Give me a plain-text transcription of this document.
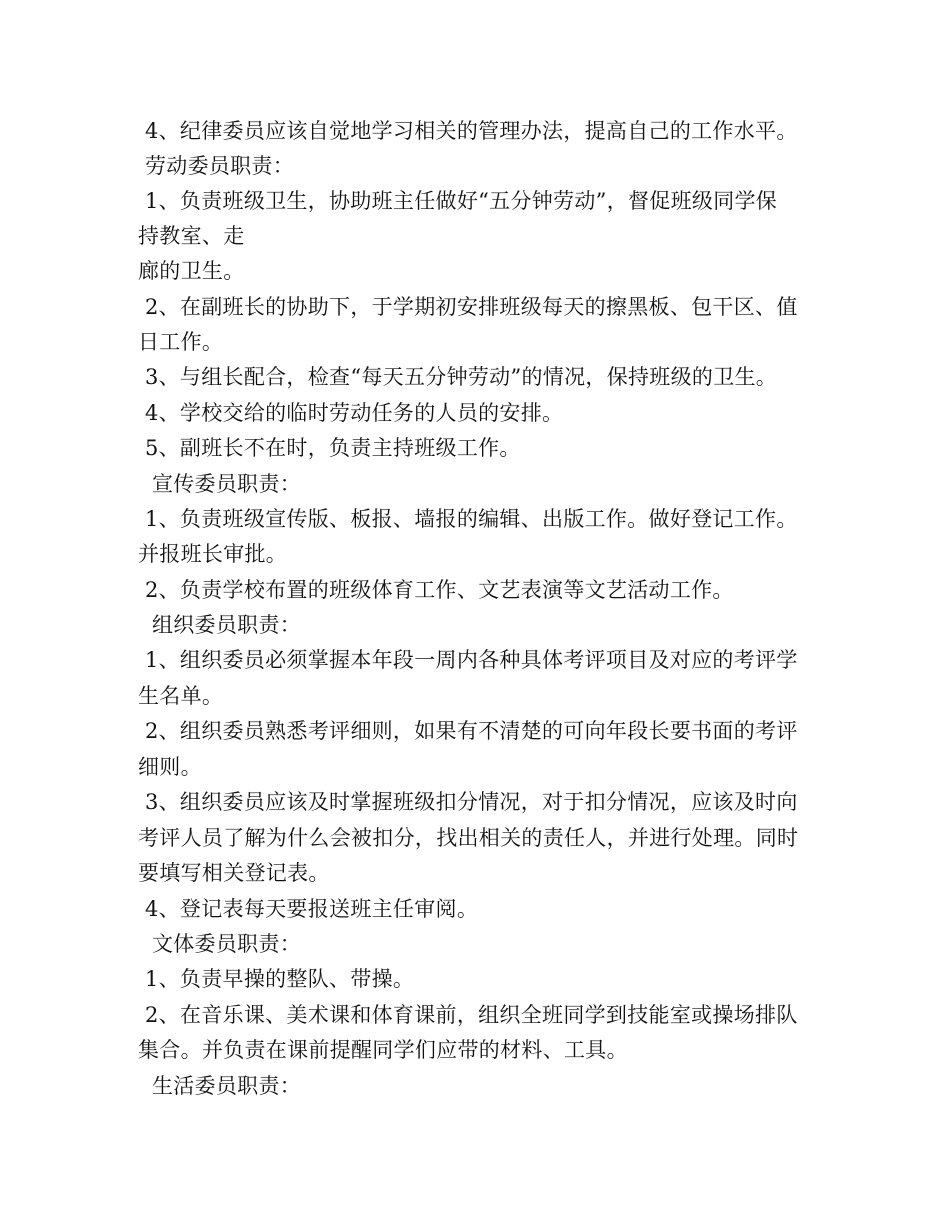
4、纪律委员应该自觉地学习相关的管理办法，提高自己的工作水平。
劳动委员职责：
1、负责班级卫生，协助班主任做好“五分钟劳动”，督促班级同学保
持教室、走
廊的卫生。
2、在副班长的协助下，于学期初安排班级每天的擦黑板、包干区、值
日工作。
3、与组长配合，检查“每天五分钟劳动”的情况，保持班级的卫生。
4、学校交给的临时劳动任务的人员的安排。
5、副班长不在时，负责主持班级工作。
宣传委员职责：
1、负责班级宣传版、板报、墙报的编辑、出版工作。做好登记工作。
并报班长审批。
2、负责学校布置的班级体育工作、文艺表演等文艺活动工作。
组织委员职责：
1、组织委员必须掌握本年段一周内各种具体考评项目及对应的考评学
生名单。
2、组织委员熟悉考评细则，如果有不清楚的可向年段长要书面的考评
细则。
3、组织委员应该及时掌握班级扣分情况，对于扣分情况，应该及时向
考评人员了解为什么会被扣分，找出相关的责任人，并进行处理。同时
要填写相关登记表。
4、登记表每天要报送班主任审阅。
文体委员职责：
1、负责早操的整队、带操。
2、在音乐课、美术课和体育课前，组织全班同学到技能室或操场排队
集合。并负责在课前提醒同学们应带的材料、工具。
生活委员职责：
